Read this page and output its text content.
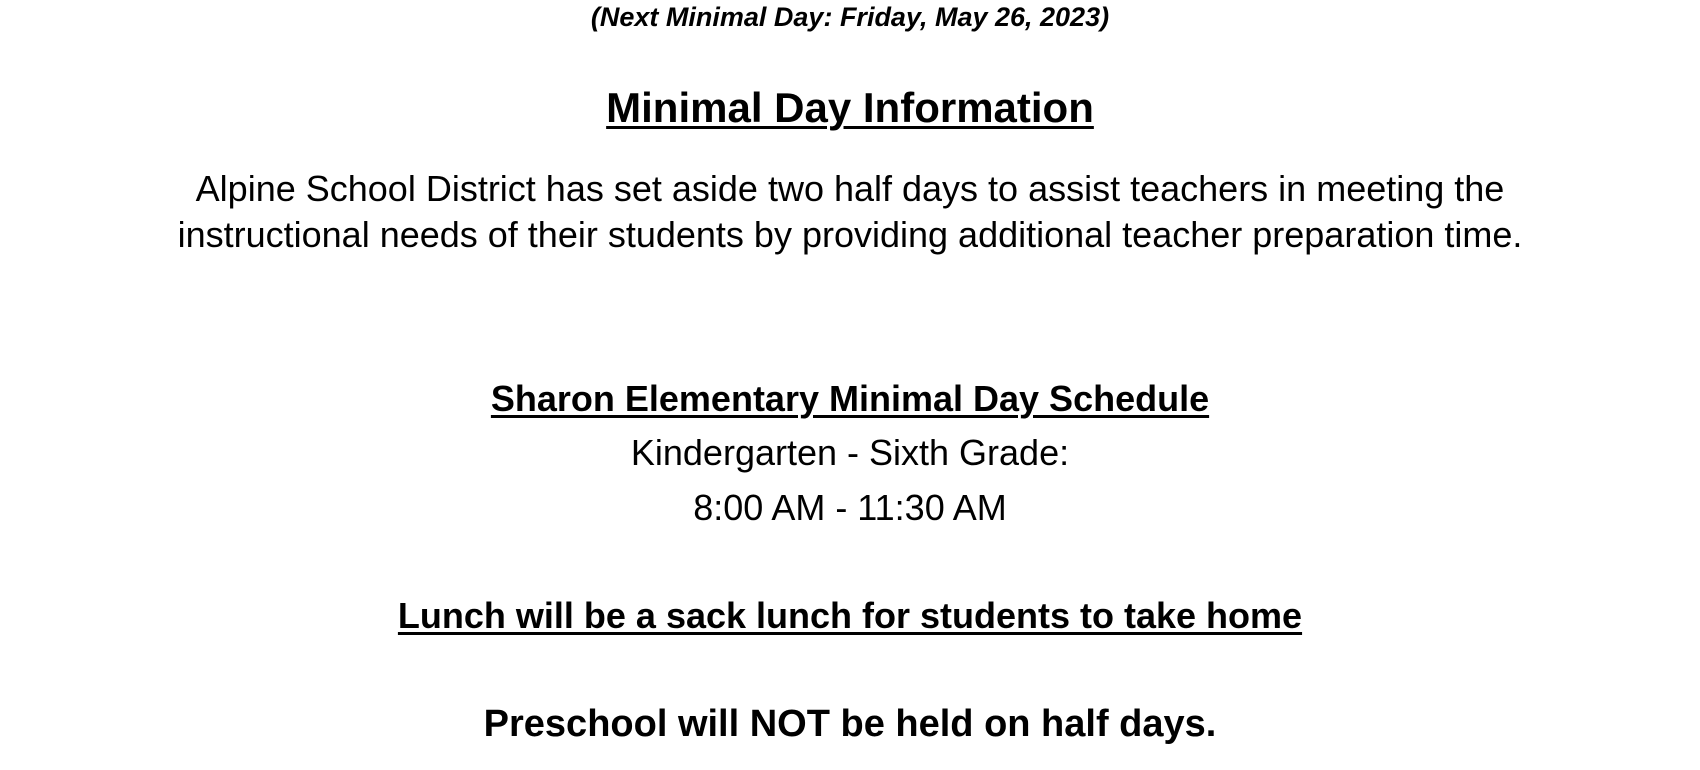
(Next Minimal Day: Friday, May 26, 2023)
Minimal Day Information
Alpine School District has set aside two half days to assist teachers in meeting the instructional needs of their students by providing additional teacher preparation time.
Sharon Elementary Minimal Day Schedule
Kindergarten - Sixth Grade:
8:00 AM - 11:30 AM
Lunch will be a sack lunch for students to take home
Preschool will NOT be held on half days.
